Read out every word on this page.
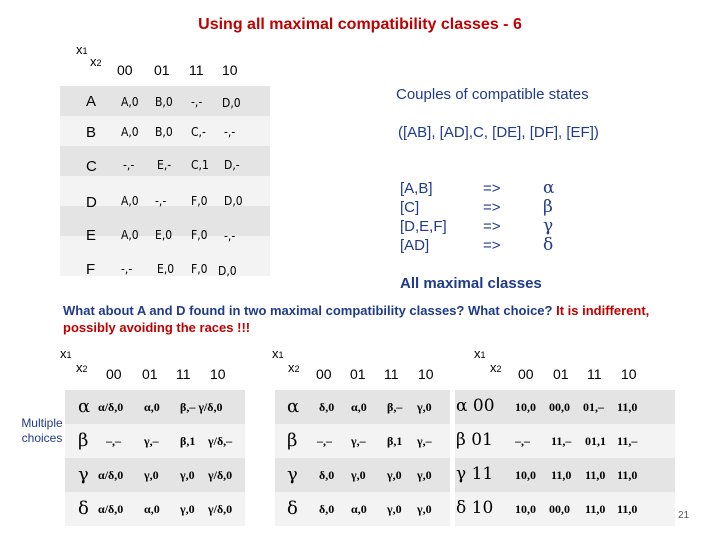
Using all maximal compatibility classes - 6
x1
x2 00 01 11 10
A A,0 B,0 -,- D,0
B A,0 B,0 C,- -,-
C -,- E,- C,1 D,-
D A,0 -,- F,0 D,0
E A,0 E,0 F,0 -,-
F -,- E,0 F,0 D,0
Couples of compatible states
([AB], [AD],C, [DE], [DF], [EF])
[A,B]	=> α
[C]	=> β
[D,E,F] => γ
[AD]	=> δ
All maximal classes
What about A and D found in two maximal compatibility classes? What choice? It is indifferent, possibly avoiding the races !!!
Multiple choices
x1
x2 00 01 11 10
α α/δ,0 α,0 β,– γ/δ,0
β –,– γ,– β,1 γ/δ,–
γ α/δ,0 γ,0 γ,0 γ/δ,0
δ α/δ,0 α,0 γ,0 γ/δ,0
x1
x2 00 01 11 10
α δ,0 α,0 β,– γ,0
β –,– γ,– β,1 γ,–
γ δ,0 γ,0 γ,0 γ,0
δ δ,0 α,0 γ,0 γ,0
x1
x2 00 01 11 10
α 00 10,0 00,0 01,– 11,0
β 01 –,– 11,– 01,1 11,–
γ 11 10,0 11,0 11,0 11,0
δ 10 10,0 00,0 11,0 11,0	21
